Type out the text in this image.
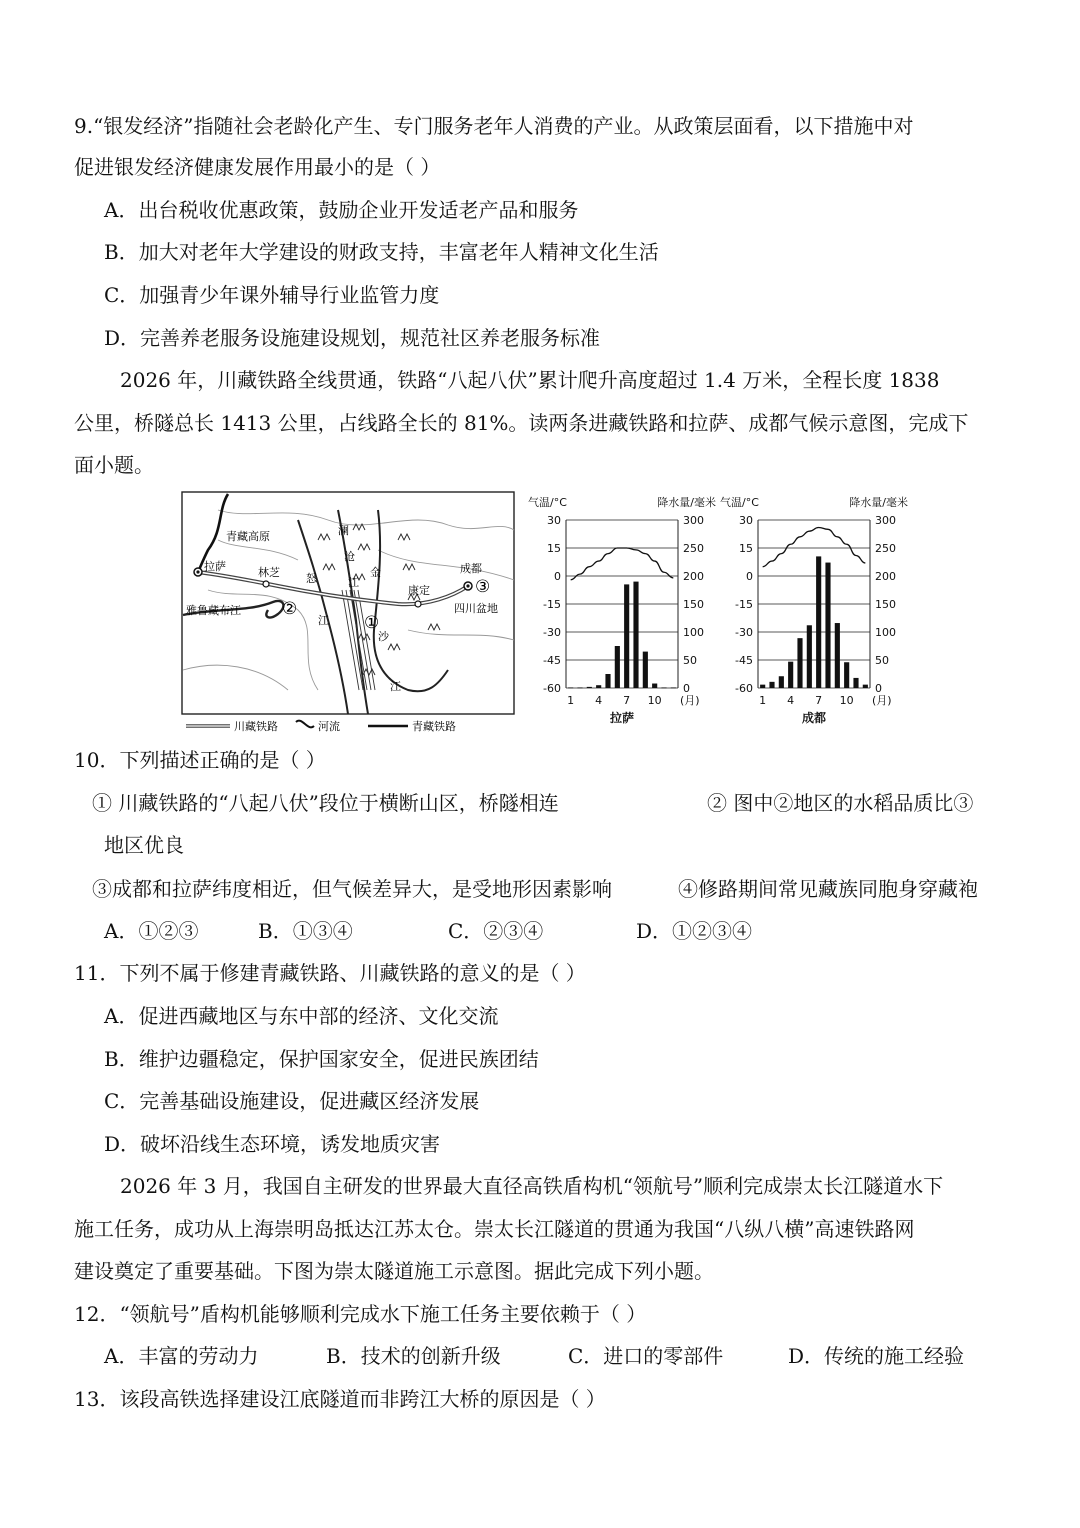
9.“银发经济”指随社会老龄化产生、专门服务老年人消费的产业。从政策层面看，以下措施中对
促进银发经济健康发展作用最小的是（ ）
A．出台税收优惠政策，鼓励企业开发适老产品和服务
B．加大对老年大学建设的财政支持，丰富老年人精神文化生活
C．加强青少年课外辅导行业监管力度
D．完善养老服务设施建设规划，规范社区养老服务标准
2026 年，川藏铁路全线贯通，铁路“八起八伏”累计爬升高度超过 1.4 万米，全程长度 1838
公里，桥隧总长 1413 公里，占线路全长的 81%。读两条进藏铁路和拉萨、成都气候示意图，完成下
面小题。
青藏高原
拉萨	林芝
雅鲁藏布江 ②
怒
江
澜
沧
江
金
①
沙
江
康定
成都
③
四川盆地
川藏铁路	河流	青藏铁路
气温/°C	降水量/毫米
30	300
15	250
0	200
-15	150
-30	100
-45	50
-60	0
1 4 7 10 (月)
拉萨
气温/°C	降水量/毫米
30	300
15	250
0	200
-15	150
-30	100
-45	50
-60	0
1 4 7 10 (月)
成都
10．下列描述正确的是（ ）
① 川藏铁路的“八起八伏”段位于横断山区，桥隧相连	② 图中②地区的水稻品质比③
地区优良
③成都和拉萨纬度相近，但气候差异大，是受地形因素影响	④修路期间常见藏族同胞身穿藏袍
A．①②③	B．①③④	C．②③④	D．①②③④
11．下列不属于修建青藏铁路、川藏铁路的意义的是（ ）
A．促进西藏地区与东中部的经济、文化交流
B．维护边疆稳定，保护国家安全，促进民族团结
C．完善基础设施建设，促进藏区经济发展
D．破坏沿线生态环境，诱发地质灾害
2026 年 3 月，我国自主研发的世界最大直径高铁盾构机“领航号”顺利完成崇太长江隧道水下
施工任务，成功从上海崇明岛抵达江苏太仓。崇太长江隧道的贯通为我国“八纵八横”高速铁路网
建设奠定了重要基础。下图为崇太隧道施工示意图。据此完成下列小题。
12．“领航号”盾构机能够顺利完成水下施工任务主要依赖于（ ）
A．丰富的劳动力	B．技术的创新升级	C．进口的零部件	D．传统的施工经验
13．该段高铁选择建设江底隧道而非跨江大桥的原因是（ ）
